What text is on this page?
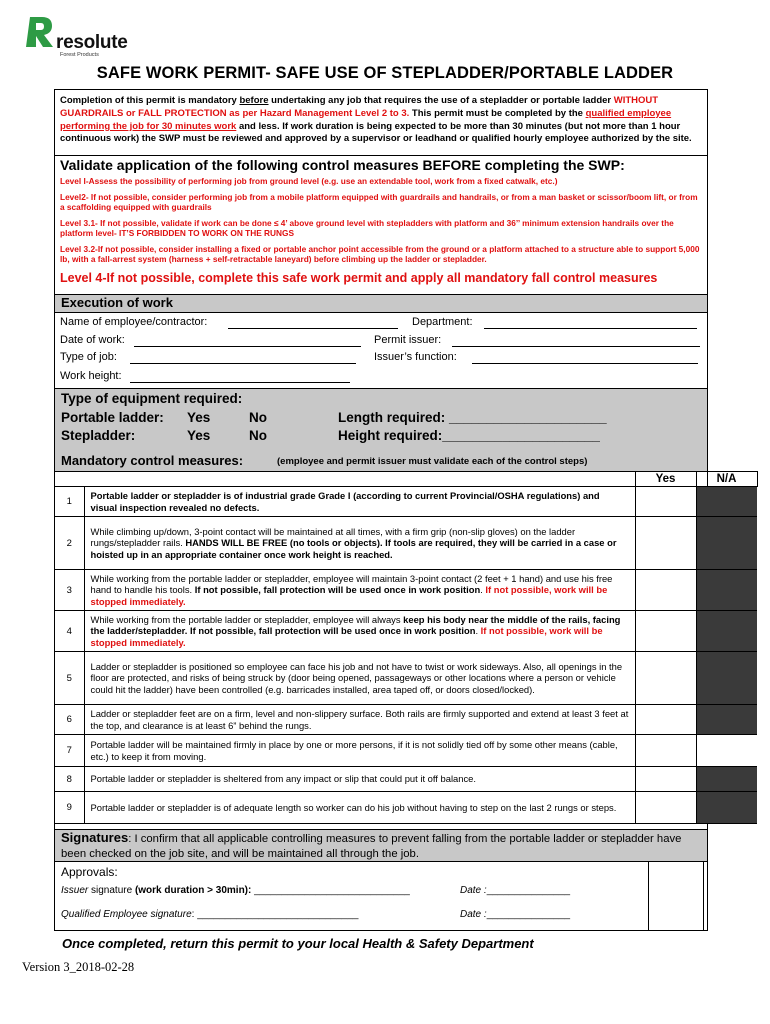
resolute
Forest Products
SAFE WORK PERMIT- SAFE USE OF STEPLADDER/PORTABLE LADDER

Completion of this permit is mandatory before undertaking any job that requires the use of a stepladder or portable ladder WITHOUT GUARDRAILS or FALL PROTECTION as per Hazard Management Level 2 to 3. This permit must be completed by the qualified employee performing the job for 30 minutes work and less. If work duration is being expected to be more than 30 minutes (but not more than 1 hour continuous work) the SWP must be reviewed and approved by a supervisor or leadhand or qualified hourly employee authorized by the site.

Validate application of the following control measures BEFORE completing the SWP:

Level I-Assess the possibility of performing job from ground level (e.g. use an extendable tool, work from a fixed catwalk, etc.)

Level2- If not possible, consider performing job from a mobile platform equipped with guardrails and handrails, or from a man basket or scissor/boom lift, or from a scaffolding equipped with guardrails

Level 3.1- If not possible, validate if work can be done ≤ 4’ above ground level with stepladders with platform and 36’’ minimum extension handrails over the platform level- IT’S FORBIDDEN TO WORK ON THE RUNGS

Level 3.2-If not possible, consider installing a fixed or portable anchor point accessible from the ground or a platform attached to a structure able to support 5,000 lb, with a fall-arrest system (harness + self-retractable laneyard) before climbing up the ladder or stepladder.

Level 4-If not possible, complete this safe work permit and apply all mandatory fall control measures

Execution of work
Name of employee/contractor:	Department:
Date of work:	Permit issuer:
Type of job:	Issuer’s function:
Work height:
Type of equipment required:
Portable ladder: Yes	No	Length required: _____________________
Stepladder:	Yes	No	Height required:_____________________
Mandatory control measures:	(employee and permit issuer must validate each of the control steps)
		Yes	N/A
1	Portable ladder or stepladder is of industrial grade Grade I (according to current Provincial/OSHA regulations) and visual inspection revealed no defects.		
2	While climbing up/down, 3-point contact will be maintained at all times, with a firm grip (non-slip gloves) on the ladder rungs/stepladder rails. HANDS WILL BE FREE (no tools or objects). If tools are required, they will be carried in a case or hoisted up in an appropriate container once work height is reached.		
3	While working from the portable ladder or stepladder, employee will maintain 3-point contact (2 feet + 1 hand) and use his free hand to handle his tools. If not possible, fall protection will be used once in work position. If not possible, work will be stopped immediately.		
4	While working from the portable ladder or stepladder, employee will always keep his body near the middle of the rails, facing the ladder/stepladder. If not possible, fall protection will be used once in work position. If not possible, work will be stopped immediately.		
5	Ladder or stepladder is positioned so employee can face his job and not have to twist or work sideways. Also, all openings in the floor are protected, and risks of being struck by (door being opened, passageways or other locations where a person or vehicle could hit the ladder) have been controlled (e.g. barricades installed, area taped off, or doors closed/locked).		
6	Ladder or stepladder feet are on a firm, level and non-slippery surface. Both rails are firmly supported and extend at least 3 feet at the top, and clearance is at least 6” behind the rungs.		
7	Portable ladder will be maintained firmly in place by one or more persons, if it is not solidly tied off by some other means (cable, etc.) to keep it from moving.		
8	Portable ladder or stepladder is sheltered from any impact or slip that could put it off balance.		
9	Portable ladder or stepladder is of adequate length so worker can do his job without having to step on the last 2 rungs or steps.		
Signatures: I confirm that all applicable controlling measures to prevent falling from the portable ladder or stepladder have been checked on the job site, and will be maintained all through the job.
Approvals:
Issuer signature (work duration > 30min): ____________________________	Date :_______________
Qualified Employee signature: _____________________________	Date :_______________
Once completed, return this permit to your local Health & Safety Department
Version 3_2018-02-28
